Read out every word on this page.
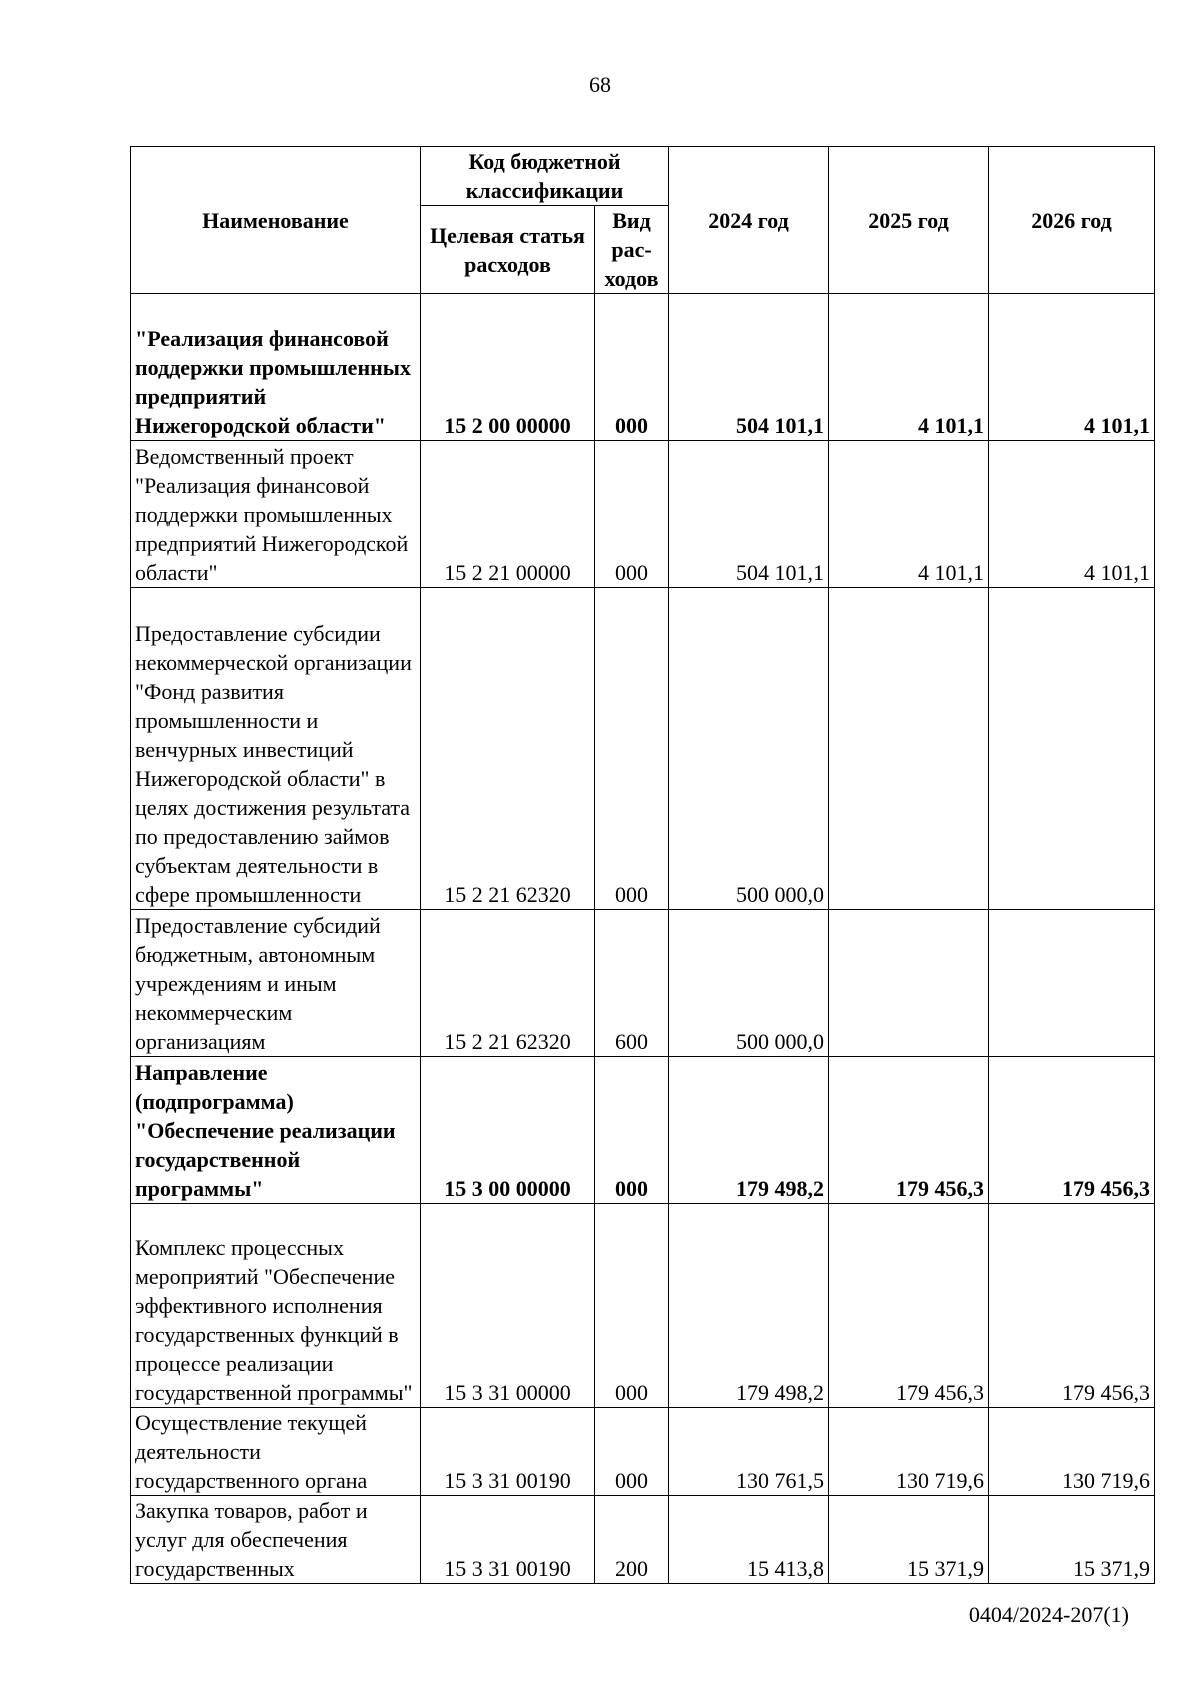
68
Наименование	Код бюджетной классификации		2024 год	2025 год	2026 год
	Целевая статья расходов	Вид рас-ходов			
"Реализация финансовой поддержки промышленных предприятий Нижегородской области"	15 2 00 00000	000	504 101,1	4 101,1	4 101,1
Ведомственный проект "Реализация финансовой поддержки промышленных предприятий Нижегородской области"	15 2 21 00000	000	504 101,1	4 101,1	4 101,1
Предоставление субсидии некоммерческой организации "Фонд развития промышленности и венчурных инвестиций Нижегородской области" в целях достижения результата по предоставлению займов субъектам деятельности в сфере промышленности	15 2 21 62320	000	500 000,0		
Предоставление субсидий бюджетным, автономным учреждениям и иным некоммерческим организациям	15 2 21 62320	600	500 000,0		
Направление (подпрограмма) "Обеспечение реализации государственной программы"	15 3 00 00000	000	179 498,2	179 456,3	179 456,3
Комплекс процессных мероприятий "Обеспечение эффективного исполнения государственных функций в процессе реализации государственной программы"	15 3 31 00000	000	179 498,2	179 456,3	179 456,3
Осуществление текущей деятельности государственного органа	15 3 31 00190	000	130 761,5	130 719,6	130 719,6
Закупка товаров, работ и услуг для обеспечения государственных	15 3 31 00190	200	15 413,8	15 371,9	15 371,9
0404/2024-207(1)
